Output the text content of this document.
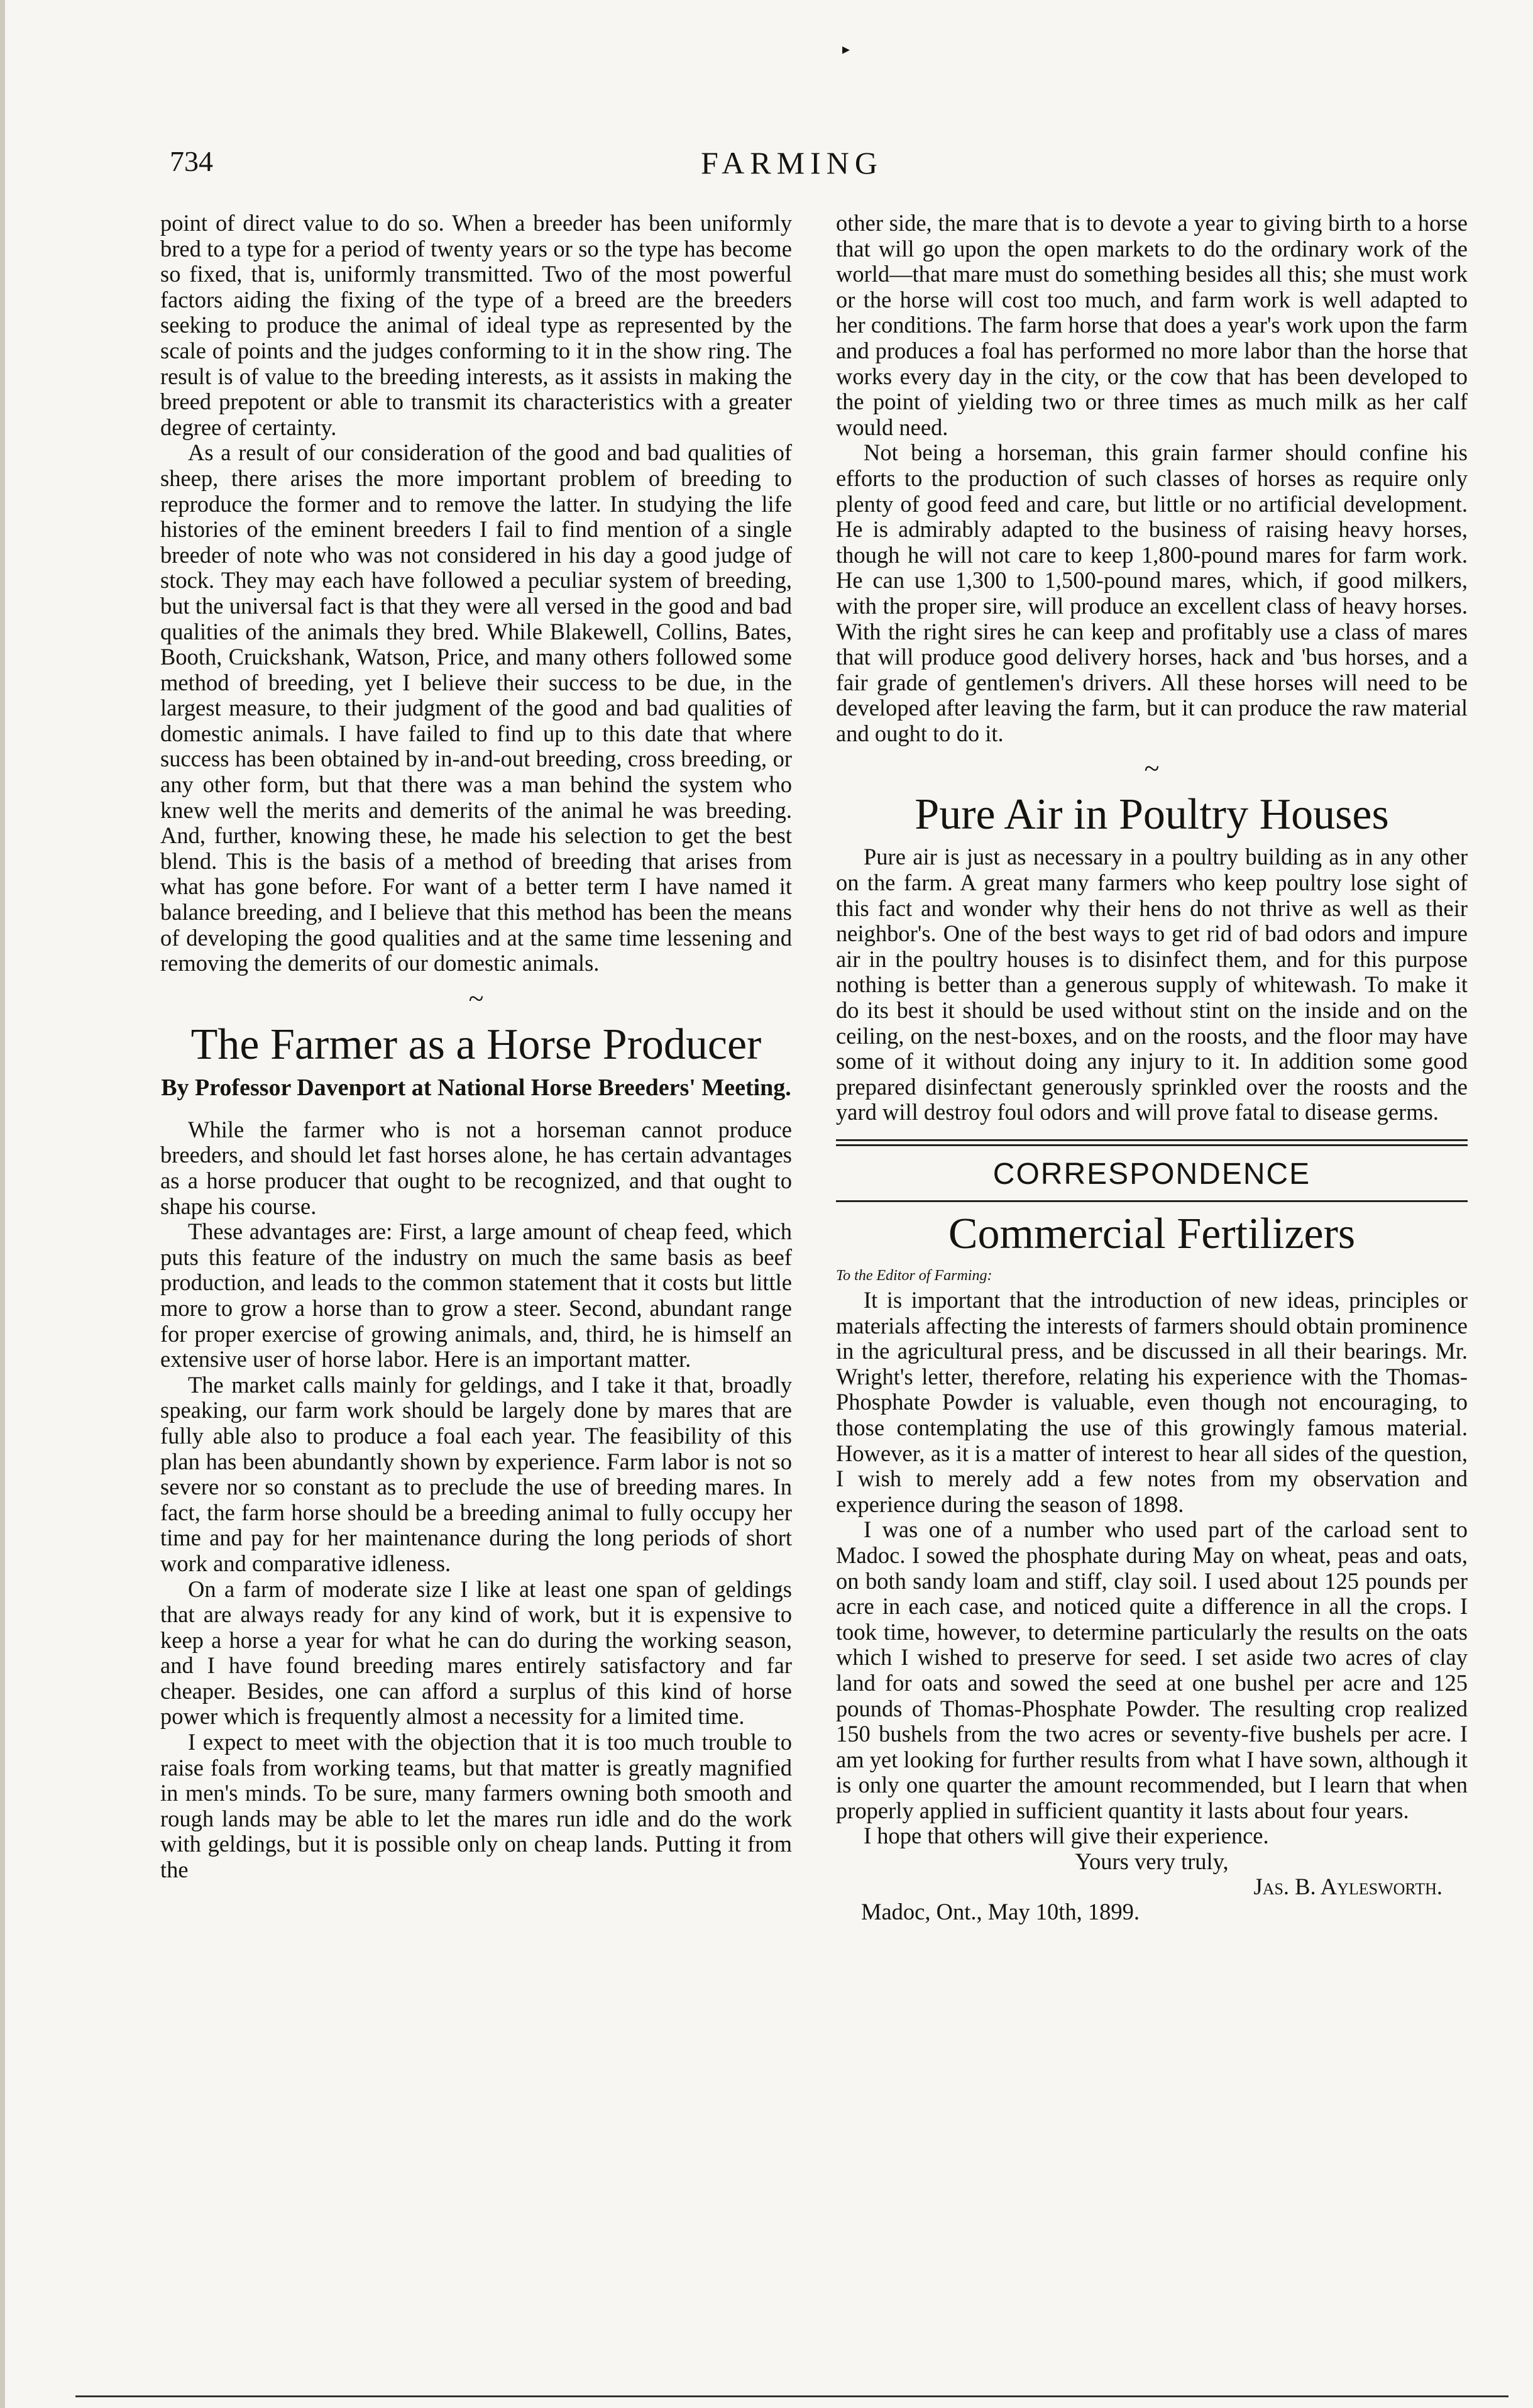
▸
734	FARMING

point of direct value to do so. When a breeder has been uniformly bred to a type for a period of twenty years or so the type has become so fixed, that is, uniformly transmitted. Two of the most powerful factors aiding the fixing of the type of a breed are the breeders seeking to produce the animal of ideal type as represented by the scale of points and the judges conforming to it in the show ring. The result is of value to the breeding interests, as it assists in making the breed prepotent or able to transmit its characteristics with a greater degree of certainty.

As a result of our consideration of the good and bad qualities of sheep, there arises the more important problem of breeding to reproduce the former and to remove the latter. In studying the life histories of the eminent breeders I fail to find mention of a single breeder of note who was not considered in his day a good judge of stock. They may each have followed a peculiar system of breeding, but the universal fact is that they were all versed in the good and bad qualities of the animals they bred. While Blakewell, Collins, Bates, Booth, Cruickshank, Watson, Price, and many others followed some method of breeding, yet I believe their success to be due, in the largest measure, to their judgment of the good and bad qualities of domestic animals. I have failed to find up to this date that where success has been obtained by in-and-out breeding, cross breeding, or any other form, but that there was a man behind the system who knew well the merits and demerits of the animal he was breeding. And, further, knowing these, he made his selection to get the best blend. This is the basis of a method of breeding that arises from what has gone before. For want of a better term I have named it balance breeding, and I believe that this method has been the means of developing the good qualities and at the same time lessening and removing the demerits of our domestic animals.

~
The Farmer as a Horse Producer
By Professor Davenport at National Horse Breeders' Meeting.

While the farmer who is not a horseman cannot produce breeders, and should let fast horses alone, he has certain advantages as a horse producer that ought to be recognized, and that ought to shape his course.

These advantages are: First, a large amount of cheap feed, which puts this feature of the industry on much the same basis as beef production, and leads to the common statement that it costs but little more to grow a horse than to grow a steer. Second, abundant range for proper exercise of growing animals, and, third, he is himself an extensive user of horse labor. Here is an important matter.

The market calls mainly for geldings, and I take it that, broadly speaking, our farm work should be largely done by mares that are fully able also to produce a foal each year. The feasibility of this plan has been abundantly shown by experience. Farm labor is not so severe nor so constant as to preclude the use of breeding mares. In fact, the farm horse should be a breeding animal to fully occupy her time and pay for her maintenance during the long periods of short work and comparative idleness.

On a farm of moderate size I like at least one span of geldings that are always ready for any kind of work, but it is expensive to keep a horse a year for what he can do during the working season, and I have found breeding mares entirely satisfactory and far cheaper. Besides, one can afford a surplus of this kind of horse power which is frequently almost a necessity for a limited time.

I expect to meet with the objection that it is too much trouble to raise foals from working teams, but that matter is greatly magnified in men's minds. To be sure, many farmers owning both smooth and rough lands may be able to let the mares run idle and do the work with geldings, but it is possible only on cheap lands. Putting it from the

other side, the mare that is to devote a year to giving birth to a horse that will go upon the open markets to do the ordinary work of the world—that mare must do something besides all this; she must work or the horse will cost too much, and farm work is well adapted to her conditions. The farm horse that does a year's work upon the farm and produces a foal has performed no more labor than the horse that works every day in the city, or the cow that has been developed to the point of yielding two or three times as much milk as her calf would need.

Not being a horseman, this grain farmer should confine his efforts to the production of such classes of horses as require only plenty of good feed and care, but little or no artificial development. He is admirably adapted to the business of raising heavy horses, though he will not care to keep 1,800-pound mares for farm work. He can use 1,300 to 1,500-pound mares, which, if good milkers, with the proper sire, will produce an excellent class of heavy horses. With the right sires he can keep and profitably use a class of mares that will produce good delivery horses, hack and 'bus horses, and a fair grade of gentlemen's drivers. All these horses will need to be developed after leaving the farm, but it can produce the raw material and ought to do it.

~
Pure Air in Poultry Houses

Pure air is just as necessary in a poultry building as in any other on the farm. A great many farmers who keep poultry lose sight of this fact and wonder why their hens do not thrive as well as their neighbor's. One of the best ways to get rid of bad odors and impure air in the poultry houses is to disinfect them, and for this purpose nothing is better than a generous supply of whitewash. To make it do its best it should be used without stint on the inside and on the ceiling, on the nest-boxes, and on the roosts, and the floor may have some of it without doing any injury to it. In addition some good prepared disinfectant generously sprinkled over the roosts and the yard will destroy foul odors and will prove fatal to disease germs.

CORRESPONDENCE
Commercial Fertilizers
To the Editor of Farming:

It is important that the introduction of new ideas, principles or materials affecting the interests of farmers should obtain prominence in the agricultural press, and be discussed in all their bearings. Mr. Wright's letter, therefore, relating his experience with the Thomas-Phosphate Powder is valuable, even though not encouraging, to those contemplating the use of this growingly famous material. However, as it is a matter of interest to hear all sides of the question, I wish to merely add a few notes from my observation and experience during the season of 1898.

I was one of a number who used part of the carload sent to Madoc. I sowed the phosphate during May on wheat, peas and oats, on both sandy loam and stiff, clay soil. I used about 125 pounds per acre in each case, and noticed quite a difference in all the crops. I took time, however, to determine particularly the results on the oats which I wished to preserve for seed. I set aside two acres of clay land for oats and sowed the seed at one bushel per acre and 125 pounds of Thomas-Phosphate Powder. The resulting crop realized 150 bushels from the two acres or seventy-five bushels per acre. I am yet looking for further results from what I have sown, although it is only one quarter the amount recommended, but I learn that when properly applied in sufficient quantity it lasts about four years.

I hope that others will give their experience.

Yours very truly,
Jas. B. Aylesworth.
Madoc, Ont., May 10th, 1899.
